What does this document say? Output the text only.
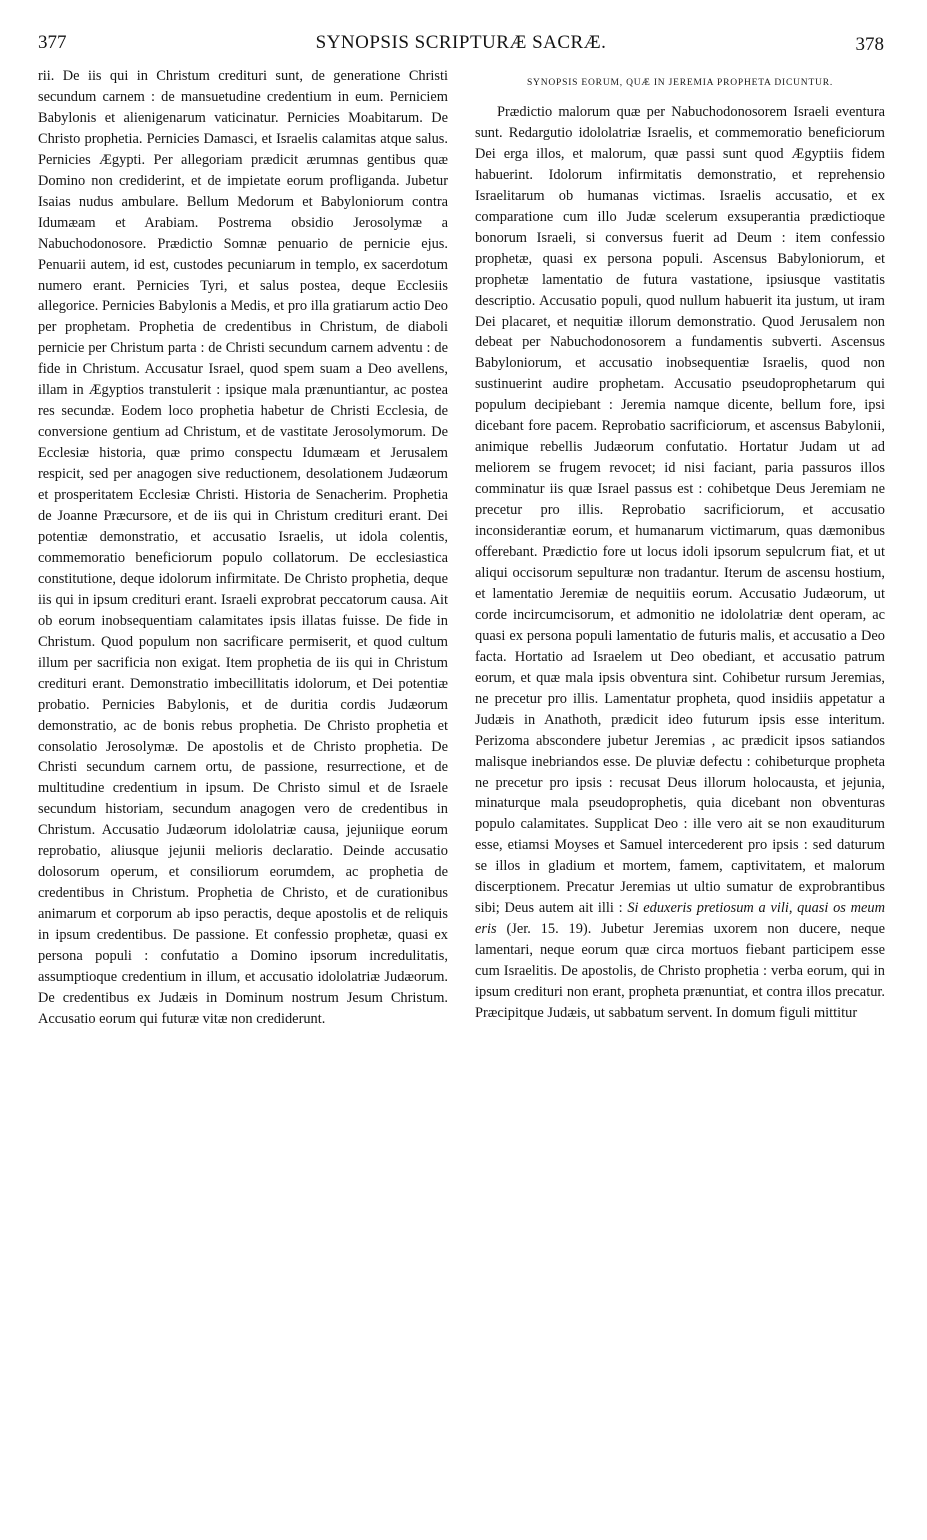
377	SYNOPSIS SCRIPTURÆ SACRÆ.	378

rii. De iis qui in Christum credituri sunt, de generatione Christi secundum carnem : de mansuetudine credentium in eum. Perniciem Babylonis et alienigenarum vaticinatur. Pernicies Moabitarum. De Christo prophetia. Pernicies Damasci, et Israelis calamitas atque salus. Pernicies Ægypti. Per allegoriam prædicit ærumnas gentibus quæ Domino non crediderint, et de impietate eorum profliganda. Jubetur Isaias nudus ambulare. Bellum Medorum et Babyloniorum contra Idumæam et Arabiam. Postrema obsidio Jerosolymæ a Nabuchodonosore. Prædictio Somnæ penuario de pernicie ejus. Penuarii autem, id est, custodes pecuniarum in templo, ex sacerdotum numero erant. Pernicies Tyri, et salus postea, deque Ecclesiis allegorice. Pernicies Babylonis a Medis, et pro illa gratiarum actio Deo per prophetam. Prophetia de credentibus in Christum, de diaboli pernicie per Christum parta : de Christi secundum carnem adventu : de fide in Christum. Accusatur Israel, quod spem suam a Deo avellens, illam in Ægyptios transtulerit : ipsique mala prænuntiantur, ac postea res secundæ. Eodem loco prophetia habetur de Christi Ecclesia, de conversione gentium ad Christum, et de vastitate Jerosolymorum. De Ecclesiæ historia, quæ primo conspectu Idumæam et Jerusalem respicit, sed per anagogen sive reductionem, desolationem Judæorum et prosperitatem Ecclesiæ Christi. Historia de Senacherim. Prophetia de Joanne Præcursore, et de iis qui in Christum credituri erant. Dei potentiæ demonstratio, et accusatio Israelis, ut idola colentis, commemoratio beneficiorum populo collatorum. De ecclesiastica constitutione, deque idolorum infirmitate. De Christo prophetia, deque iis qui in ipsum credituri erant. Israeli exprobrat peccatorum causa. Ait ob eorum inobsequentiam calamitates ipsis illatas fuisse. De fide in Christum. Quod populum non sacrificare permiserit, et quod cultum illum per sacrificia non exigat. Item prophetia de iis qui in Christum credituri erant. Demonstratio imbecillitatis idolorum, et Dei potentiæ probatio. Pernicies Babylonis, et de duritia cordis Judæorum demonstratio, ac de bonis rebus prophetia. De Christo prophetia et consolatio Jerosolymæ. De apostolis et de Christo prophetia. De Christi secundum carnem ortu, de passione, resurrectione, et de multitudine credentium in ipsum. De Christo simul et de Israele secundum historiam, secundum anagogen vero de credentibus in Christum. Accusatio Judæorum idololatriæ causa, jejuniique eorum reprobatio, aliusque jejunii melioris declaratio. Deinde accusatio dolosorum operum, et consiliorum eorumdem, ac prophetia de credentibus in Christum. Prophetia de Christo, et de curationibus animarum et corporum ab ipso peractis, deque apostolis et de reliquis in ipsum credentibus. De passione. Et confessio prophetæ, quasi ex persona populi : confutatio a Domino ipsorum incredulitatis, assumptioque credentium in illum, et accusatio idololatriæ Judæorum. De credentibus ex Judæis in Dominum nostrum Jesum Christum. Accusatio eorum qui futuræ vitæ non crediderunt.

SYNOPSIS EORUM, QUÆ IN JEREMIA PROPHETA DICUNTUR.

Prædictio malorum quæ per Nabuchodonosorem Israeli eventura sunt. Redargutio idololatriæ Israelis, et commemoratio beneficiorum Dei erga illos, et malorum, quæ passi sunt quod Ægyptiis fidem habuerint. Idolorum infirmitatis demonstratio, et reprehensio Israelitarum ob humanas victimas. Israelis accusatio, et ex comparatione cum illo Judæ scelerum exsuperantia prædictioque bonorum Israeli, si conversus fuerit ad Deum : item confessio prophetæ, quasi ex persona populi. Ascensus Babyloniorum, et prophetæ lamentatio de futura vastatione, ipsiusque vastitatis descriptio. Accusatio populi, quod nullum habuerit ita justum, ut iram Dei placaret, et nequitiæ illorum demonstratio. Quod Jerusalem non debeat per Nabuchodonosorem a fundamentis subverti. Ascensus Babyloniorum, et accusatio inobsequentiæ Israelis, quod non sustinuerint audire prophetam. Accusatio pseudoprophetarum qui populum decipiebant : Jeremia namque dicente, bellum fore, ipsi dicebant fore pacem. Reprobatio sacrificiorum, et ascensus Babylonii, animique rebellis Judæorum confutatio. Hortatur Judam ut ad meliorem se frugem revocet; id nisi faciant, paria passuros illos comminatur iis quæ Israel passus est : cohibetque Deus Jeremiam ne precetur pro illis. Reprobatio sacrificiorum, et accusatio inconsiderantiæ eorum, et humanarum victimarum, quas dæmonibus offerebant. Prædictio fore ut locus idoli ipsorum sepulcrum fiat, et ut aliqui occisorum sepulturæ non tradantur. Iterum de ascensu hostium, et lamentatio Jeremiæ de nequitiis eorum. Accusatio Judæorum, ut corde incircumcisorum, et admonitio ne idololatriæ dent operam, ac quasi ex persona populi lamentatio de futuris malis, et accusatio a Deo facta. Hortatio ad Israelem ut Deo obediant, et accusatio patrum eorum, et quæ mala ipsis obventura sint. Cohibetur rursum Jeremias, ne precetur pro illis. Lamentatur propheta, quod insidiis appetatur a Judæis in Anathoth, prædicit ideo futurum ipsis esse interitum. Perizoma abscondere jubetur Jeremias , ac prædicit ipsos satiandos malisque inebriandos esse. De pluviæ defectu : cohibeturque propheta ne precetur pro ipsis : recusat Deus illorum holocausta, et jejunia, minaturque mala pseudoprophetis, quia dicebant non obventuras populo calamitates. Supplicat Deo : ille vero ait se non exauditurum esse, etiamsi Moyses et Samuel intercederent pro ipsis : sed daturum se illos in gladium et mortem, famem, captivitatem, et malorum discerptionem. Precatur Jeremias ut ultio sumatur de exprobrantibus sibi; Deus autem ait illi : Si eduxeris pretiosum a vili, quasi os meum eris (Jer. 15. 19). Jubetur Jeremias uxorem non ducere, neque lamentari, neque eorum quæ circa mortuos fiebant participem esse cum Israelitis. De apostolis, de Christo prophetia : verba eorum, qui in ipsum credituri non erant, propheta prænuntiat, et contra illos precatur. Præcipitque Judæis, ut sabbatum servent. In domum figuli mittitur
